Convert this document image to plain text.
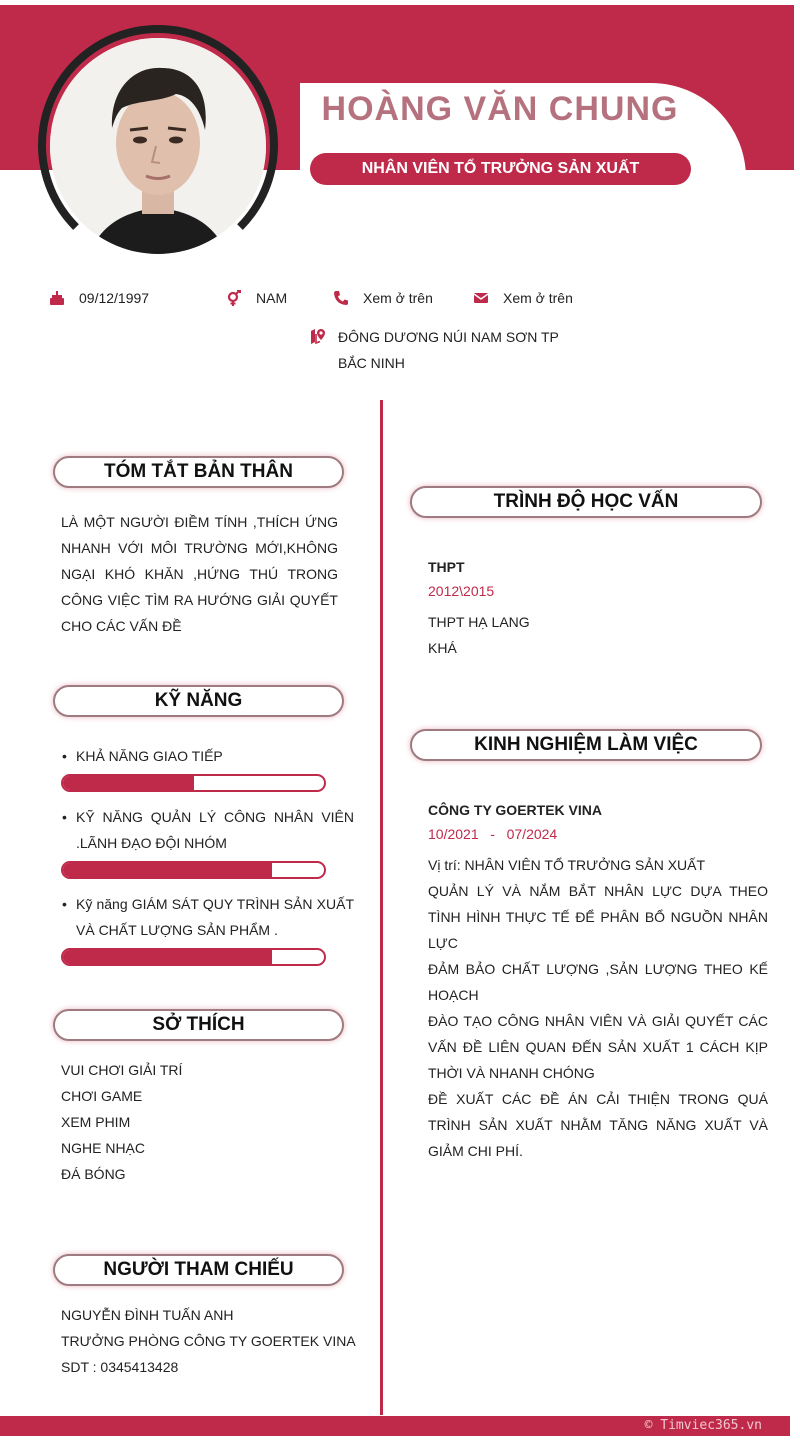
HOÀNG VĂN CHUNG
NHÂN VIÊN TỔ TRƯỞNG SẢN XUẤT
09/12/1997	NAM	Xem ở trên	Xem ở trên
ĐÔNG DƯƠNG NÚI NAM SƠN TP
BẮC NINH
TÓM TẮT BẢN THÂN
LÀ MỘT NGƯỜI ĐIỀM TÍNH ,THÍCH ỨNG NHANH VỚI MÔI TRƯỜNG MỚI,KHÔNG NGẠI KHÓ KHĂN ,HỨNG THÚ TRONG CÔNG VIỆC TÌM RA HƯỚNG GIẢI QUYẾT CHO CÁC VẤN ĐỀ
KỸ NĂNG
• KHẢ NĂNG GIAO TIẾP
• KỸ NĂNG QUẢN LÝ CÔNG NHÂN VIÊN .LÃNH ĐẠO ĐỘI NHÓM
• Kỹ năng GIÁM SÁT QUY TRÌNH SẢN XUẤT VÀ CHẤT LƯỢNG SẢN PHẨM .
SỞ THÍCH
VUI CHƠI GIẢI TRÍ
CHƠI GAME
XEM PHIM
NGHE NHẠC
ĐÁ BÓNG
NGƯỜI THAM CHIẾU
NGUYỄN ĐÌNH TUẤN ANH
TRƯỞNG PHÒNG CÔNG TY GOERTEK VINA
SDT : 0345413428
TRÌNH ĐỘ HỌC VẤN
THPT
2012\2015
THPT HẠ LANG
KHÁ
KINH NGHIỆM LÀM VIỆC
CÔNG TY GOERTEK VINA
10/2021   -   07/2024
Vị trí: NHÂN VIÊN TỔ TRƯỞNG SẢN XUẤT
QUẢN LÝ VÀ NẮM BẮT NHÂN LỰC DỰA THEO TÌNH HÌNH THỰC TẾ ĐỂ PHÂN BỔ NGUỒN NHÂN LỰC
ĐẢM BẢO CHẤT LƯỢNG ,SẢN LƯỢNG THEO KẾ HOẠCH
ĐÀO TẠO CÔNG NHÂN VIÊN VÀ GIẢI QUYẾT CÁC VẤN ĐỀ LIÊN QUAN ĐẾN SẢN XUẤT 1 CÁCH KỊP THỜI VÀ NHANH CHÓNG
ĐỀ XUẤT CÁC ĐỀ ÁN CẢI THIỆN TRONG QUÁ TRÌNH SẢN XUẤT NHẰM TĂNG NĂNG XUẤT VÀ GIẢM CHI PHÍ.
© Timviec365.vn
